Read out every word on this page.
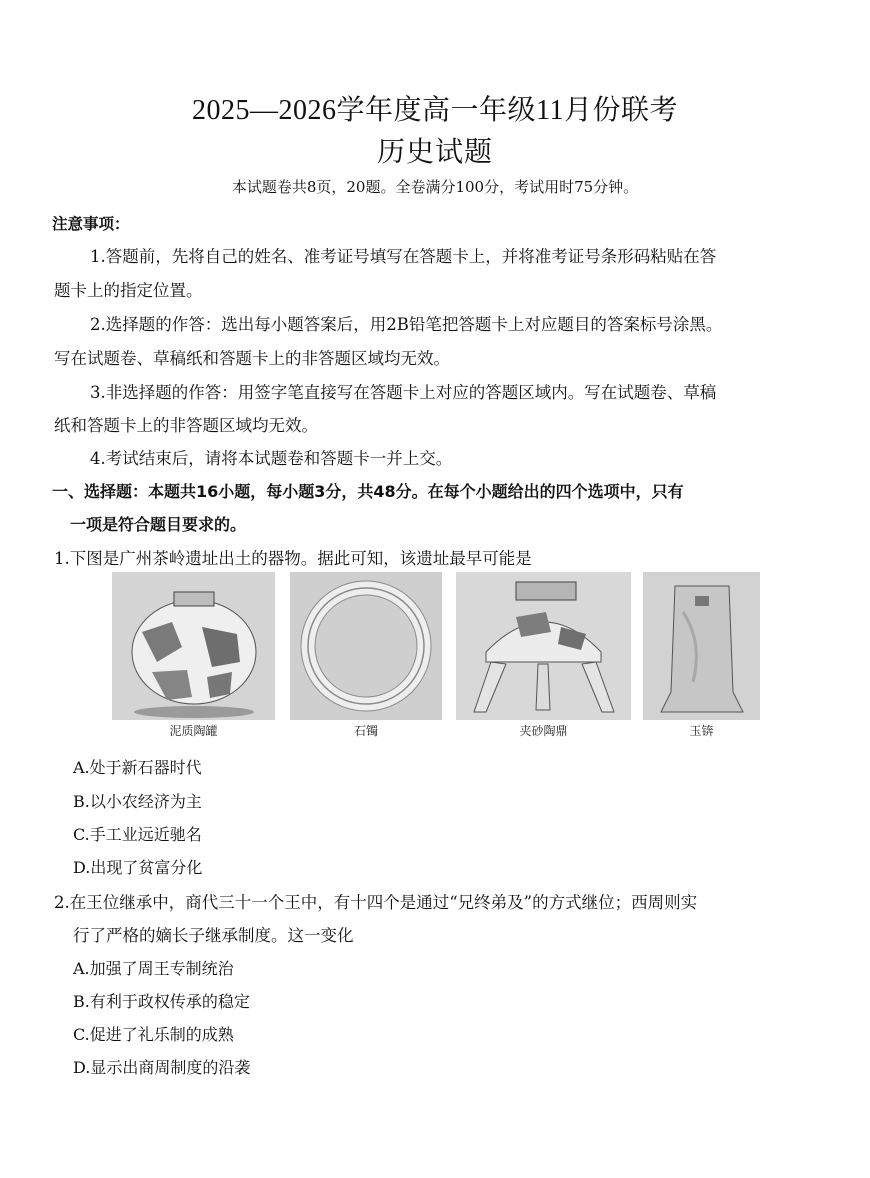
2025—2026学年度高一年级11月份联考
历史试题
本试题卷共8页，20题。全卷满分100分，考试用时75分钟。
注意事项：
1.答题前，先将自己的姓名、准考证号填写在答题卡上，并将准考证号条形码粘贴在答
题卡上的指定位置。
2.选择题的作答：选出每小题答案后，用2B铅笔把答题卡上对应题目的答案标号涂黑。
写在试题卷、草稿纸和答题卡上的非答题区域均无效。
3.非选择题的作答：用签字笔直接写在答题卡上对应的答题区域内。写在试题卷、草稿
纸和答题卡上的非答题区域均无效。
4.考试结束后，请将本试题卷和答题卡一并上交。
一、选择题：本题共16小题，每小题3分，共48分。在每个小题给出的四个选项中，只有
一项是符合题目要求的。
1.下图是广州茶岭遗址出土的器物。据此可知，该遗址最早可能是
泥质陶罐	石镯	夹砂陶鼎	玉锛
A.处于新石器时代
B.以小农经济为主
C.手工业远近驰名
D.出现了贫富分化
2.在王位继承中，商代三十一个王中，有十四个是通过“兄终弟及”的方式继位；西周则实
行了严格的嫡长子继承制度。这一变化
A.加强了周王专制统治
B.有利于政权传承的稳定
C.促进了礼乐制的成熟
D.显示出商周制度的沿袭
